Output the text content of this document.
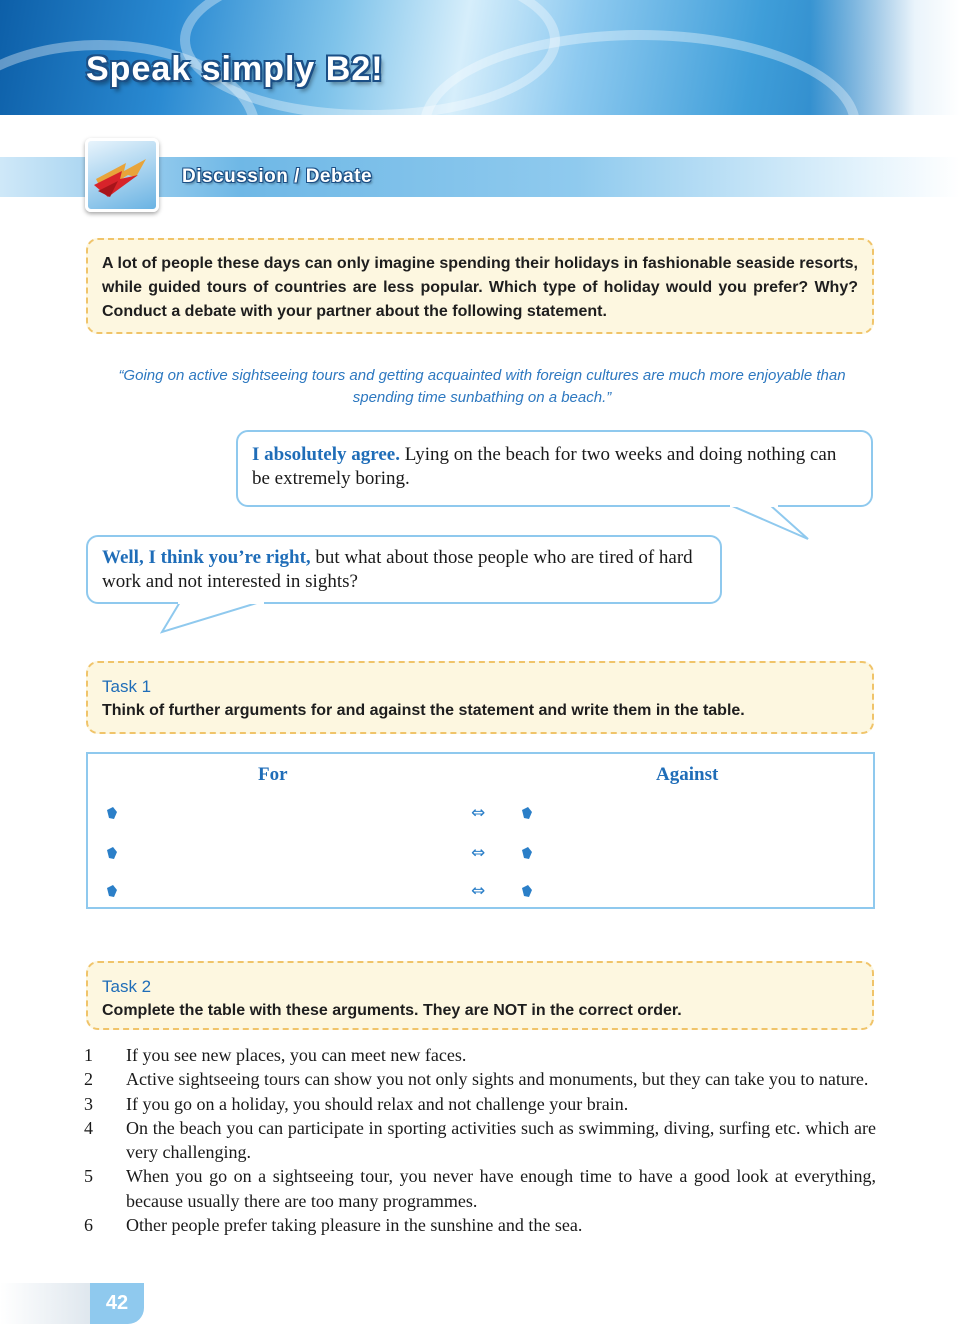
Speak simply B2!
Discussion / Debate

A lot of people these days can only imagine spending their holidays in fashionable seaside resorts, while guided tours of countries are less popular. Which type of holiday would you prefer? Why? Conduct a debate with your partner about the following statement.

“Going on active sightseeing tours and getting acquainted with foreign cultures are much more enjoyable than spending time sunbathing on a beach.”
I absolutely agree. Lying on the beach for two weeks and doing nothing can be extremely boring.
Well, I think you’re right, but what about those people who are tired of hard work and not interested in sights?
Task 1
Think of further arguments for and against the statement and write them in the table.
For	Against
⇔
⇔
⇔
Task 2
Complete the table with these arguments. They are NOT in the correct order.
1 If you see new places, you can meet new faces.
2 Active sightseeing tours can show you not only sights and monuments, but they can take you to nature.
3 If you go on a holiday, you should relax and not challenge your brain.
4 On the beach you can participate in sporting activities such as swimming, diving, surfing etc. which are very challenging.
5 When you go on a sightseeing tour, you never have enough time to have a good look at everything, because usually there are too many programmes.
6 Other people prefer taking pleasure in the sunshine and the sea.
42
